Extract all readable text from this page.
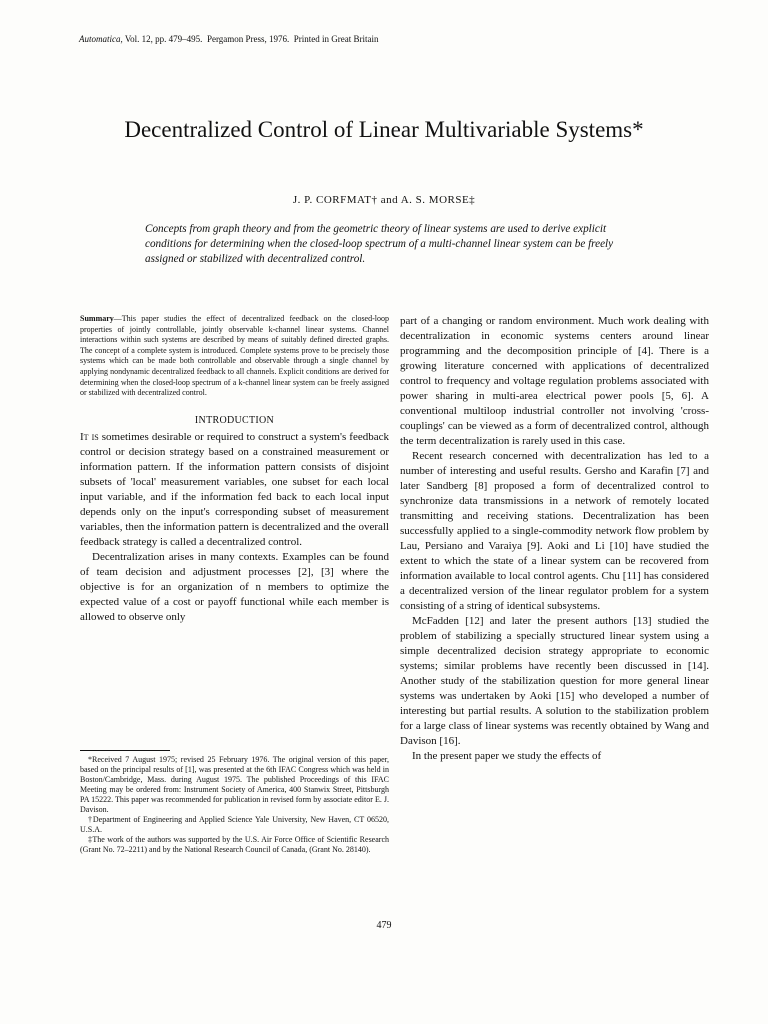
Automatica, Vol. 12, pp. 479–495. Pergamon Press, 1976. Printed in Great Britain
Decentralized Control of Linear Multivariable Systems*
J. P. CORFMAT† and A. S. MORSE‡

Concepts from graph theory and from the geometric theory of linear systems are used to derive explicit conditions for determining when the closed-loop spectrum of a multi-channel linear system can be freely assigned or stabilized with decentralized control.

Summary—This paper studies the effect of decentralized feedback on the closed-loop properties of jointly controllable, jointly observable k-channel linear systems. Channel interactions within such systems are described by means of suitably defined directed graphs. The concept of a complete system is introduced. Complete systems prove to be precisely those systems which can be made both controllable and observable through a single channel by applying nondynamic decentralized feedback to all channels. Explicit conditions are derived for determining when the closed-loop spectrum of a k-channel linear system can be freely assigned or stabilized with decentralized control.

INTRODUCTION

It is sometimes desirable or required to construct a system's feedback control or decision strategy based on a constrained measurement or information pattern. If the information pattern consists of disjoint subsets of 'local' measurement variables, one subset for each local input variable, and if the information fed back to each local input depends only on the input's corresponding subset of measurement variables, then the information pattern is decentralized and the overall feedback strategy is called a decentralized control.

Decentralization arises in many contexts. Examples can be found of team decision and adjustment processes [2], [3] where the objective is for an organization of n members to optimize the expected value of a cost or payoff functional while each member is allowed to observe only

part of a changing or random environment. Much work dealing with decentralization in economic systems centers around linear programming and the decomposition principle of [4]. There is a growing literature concerned with applications of decentralized control to frequency and voltage regulation problems associated with power sharing in multi-area electrical power pools [5, 6]. A conventional multiloop industrial controller not involving 'cross-couplings' can be viewed as a form of decentralized control, although the term decentralization is rarely used in this case.

Recent research concerned with decentralization has led to a number of interesting and useful results. Gersho and Karafin [7] and later Sandberg [8] proposed a form of decentralized control to synchronize data transmissions in a network of remotely located transmitting and receiving stations. Decentralization has been successfully applied to a single-commodity network flow problem by Lau, Persiano and Varaiya [9]. Aoki and Li [10] have studied the extent to which the state of a linear system can be recovered from information available to local control agents. Chu [11] has considered a decentralized version of the linear regulator problem for a system consisting of a string of identical subsystems.

McFadden [12] and later the present authors [13] studied the problem of stabilizing a specially structured linear system using a simple decentralized decision strategy appropriate to economic systems; similar problems have recently been discussed in [14]. Another study of the stabilization question for more general linear systems was undertaken by Aoki [15] who developed a number of interesting but partial results. A solution to the stabilization problem for a large class of linear systems was recently obtained by Wang and Davison [16].

In the present paper we study the effects of

*Received 7 August 1975; revised 25 February 1976. The original version of this paper, based on the principal results of [1], was presented at the 6th IFAC Congress which was held in Boston/Cambridge, Mass. during August 1975. The published Proceedings of this IFAC Meeting may be ordered from: Instrument Society of America, 400 Stanwix Street, Pittsburgh PA 15222. This paper was recommended for publication in revised form by associate editor E. J. Davison.

†Department of Engineering and Applied Science Yale University, New Haven, CT 06520, U.S.A.

‡The work of the authors was supported by the U.S. Air Force Office of Scientific Research (Grant No. 72–2211) and by the National Research Council of Canada, (Grant No. 28140).

479
